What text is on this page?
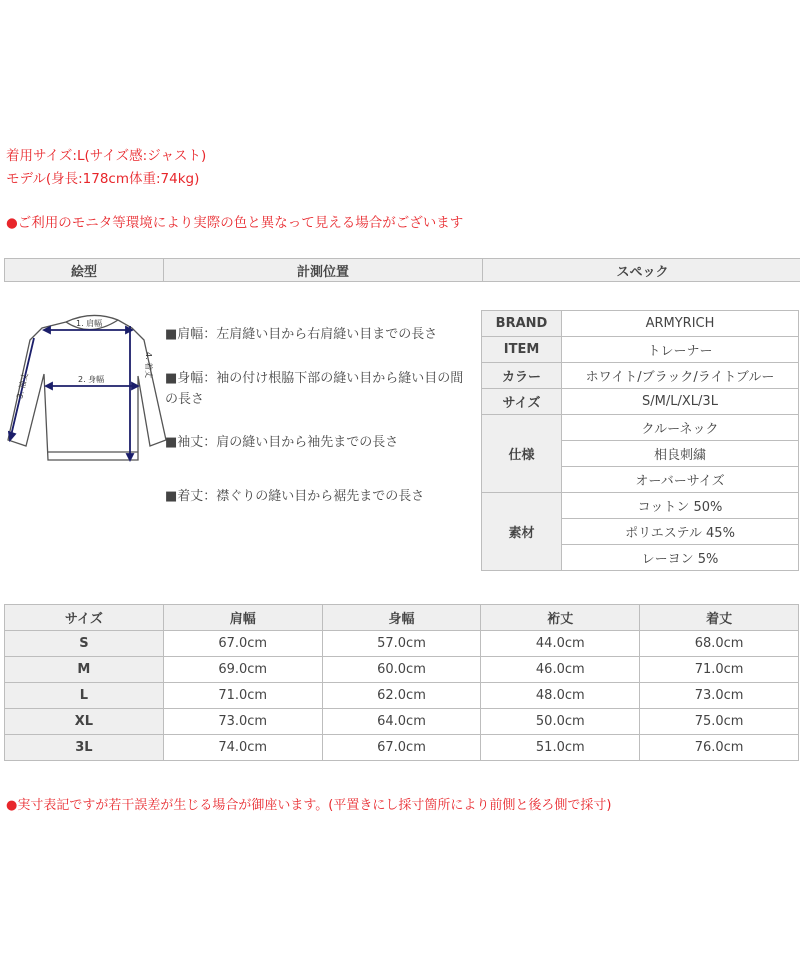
着用サイズ:L(サイズ感:ジャスト)
モデル(身長:178cm体重:74kg)
●ご利用のモニタ等環境により実際の色と異なって見える場合がございます
絵型	計測位置	スペック
1. 肩幅
2. 身幅
3. 袖丈
4. 着丈
■肩幅：左肩縫い目から右肩縫い目までの長さ
■身幅：袖の付け根脇下部の縫い目から縫い目の間の長さ
■袖丈：肩の縫い目から袖先までの長さ
■着丈：襟ぐりの縫い目から裾先までの長さ
BRAND	ARMYRICH
ITEM	トレーナー
カラー	ホワイト/ブラック/ライトブルー
サイズ	S/M/L/XL/3L
仕様	クルーネック
	相良刺繍
	オーバーサイズ
素材	コットン 50%
	ポリエステル 45%
	レーヨン 5%
サイズ	肩幅	身幅	裄丈	着丈
S	67.0cm	57.0cm	44.0cm	68.0cm
M	69.0cm	60.0cm	46.0cm	71.0cm
L	71.0cm	62.0cm	48.0cm	73.0cm
XL	73.0cm	64.0cm	50.0cm	75.0cm
3L	74.0cm	67.0cm	51.0cm	76.0cm
●実寸表記ですが若干誤差が生じる場合が御座います。(平置きにし採寸箇所により前側と後ろ側で採寸)
